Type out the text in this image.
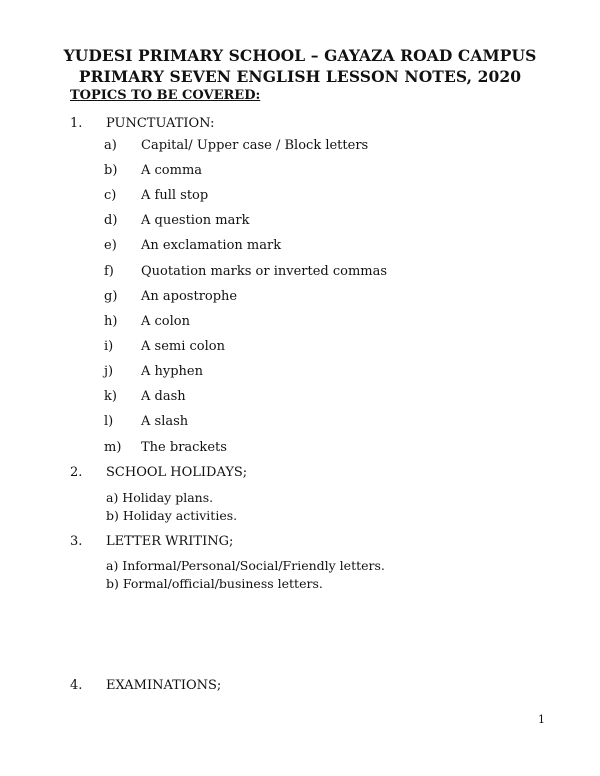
YUDESI PRIMARY SCHOOL – GAYAZA ROAD CAMPUS
PRIMARY SEVEN ENGLISH LESSON NOTES, 2020
TOPICS TO BE COVERED:
1. PUNCTUATION:
a) Capital/ Upper case / Block letters
b) A comma
c) A full stop
d) A question mark
e) An exclamation mark
f) Quotation marks or inverted commas
g) An apostrophe
h) A colon
i) A semi colon
j) A hyphen
k) A dash
l) A slash
m) The brackets
2. SCHOOL HOLIDAYS;
a) Holiday plans.
b) Holiday activities.
3. LETTER WRITING;
a) Informal/Personal/Social/Friendly letters.
b) Formal/official/business letters.
4. EXAMINATIONS;
1
